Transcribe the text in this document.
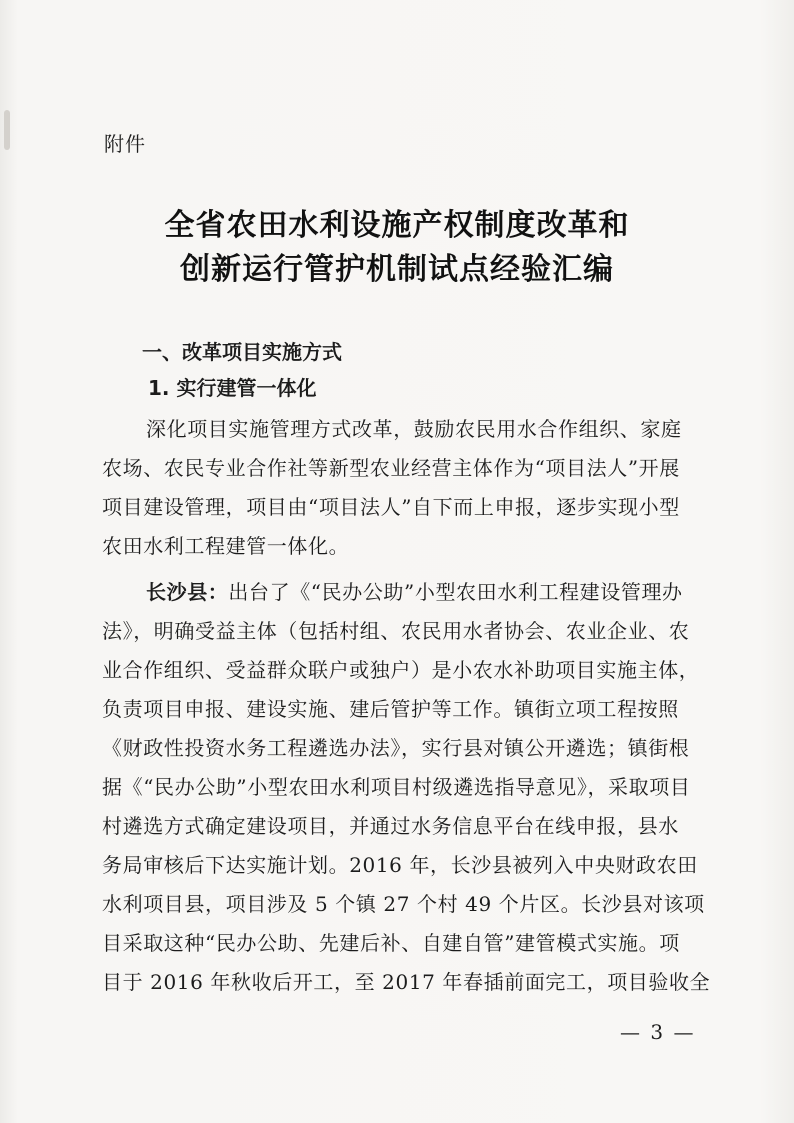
附件
全省农田水利设施产权制度改革和
创新运行管护机制试点经验汇编
一、改革项目实施方式
1. 实行建管一体化
深化项目实施管理方式改革，鼓励农民用水合作组织、家庭
农场、农民专业合作社等新型农业经营主体作为“项目法人”开展
项目建设管理，项目由“项目法人”自下而上申报，逐步实现小型
农田水利工程建管一体化。
长沙县：出台了《“民办公助”小型农田水利工程建设管理办
法》，明确受益主体（包括村组、农民用水者协会、农业企业、农
业合作组织、受益群众联户或独户）是小农水补助项目实施主体，
负责项目申报、建设实施、建后管护等工作。镇街立项工程按照
《财政性投资水务工程遴选办法》，实行县对镇公开遴选；镇街根
据《“民办公助”小型农田水利项目村级遴选指导意见》，采取项目
村遴选方式确定建设项目，并通过水务信息平台在线申报，县水
务局审核后下达实施计划。2016 年，长沙县被列入中央财政农田
水利项目县，项目涉及 5 个镇 27 个村 49 个片区。长沙县对该项
目采取这种“民办公助、先建后补、自建自管”建管模式实施。项
目于 2016 年秋收后开工，至 2017 年春插前面完工，项目验收全
— 3 —
